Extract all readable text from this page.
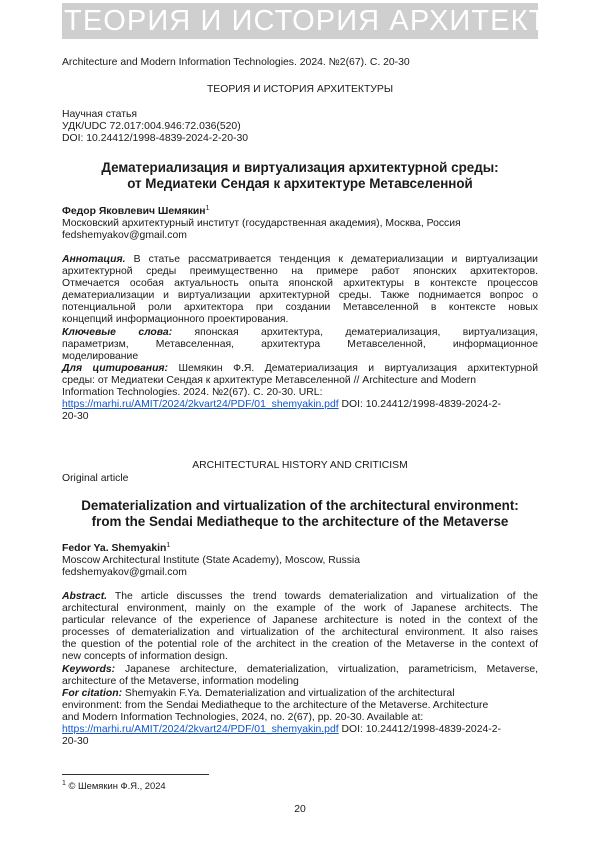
ТЕОРИЯ И ИСТОРИЯ АРХИТЕКТУРЫ
Architecture and Modern Information Technologies. 2024. №2(67). С. 20-30
ТЕОРИЯ И ИСТОРИЯ АРХИТЕКТУРЫ
Научная статья
УДК/UDC 72.017:004.946:72.036(520)
DOI: 10.24412/1998-4839-2024-2-20-30
Дематериализация и виртуализация архитектурной среды:
от Медиатеки Сендая к архитектуре Метавселенной
Федор Яковлевич Шемякин$^1$
Московский архитектурный институт (государственная академия), Москва, Россия
fedshemyakov@gmail.com
Аннотация. В статье рассматривается тенденция к дематериализации и виртуализации
архитектурной среды преимущественно на примере работ японских архитекторов.
Отмечается особая актуальность опыта японской архитектуры в контексте процессов
дематериализации и виртуализации архитектурной среды. Также поднимается вопрос о
потенциальной роли архитектора при создании Метавселенной в контексте новых
концепций информационного проектирования.
Ключевые слова: японская архитектура, дематериализация, виртуализация,
параметризм, Метавселенная, архитектура Метавселенной, информационное
моделирование
Для цитирования: Шемякин Ф.Я. Дематериализация и виртуализация архитектурной
среды: от Медиатеки Сендая к архитектуре Метавселенной // Architecture and Modern
Information Technologies. 2024. №2(67). С. 20-30. URL:
https://marhi.ru/AMIT/2024/2kvart24/PDF/01_shemyakin.pdf DOI: 10.24412/1998-4839-2024-2-
20-30
ARCHITECTURAL HISTORY AND CRITICISM
Original article
Dematerialization and virtualization of the architectural environment:
from the Sendai Mediatheque to the architecture of the Metaverse
Fedor Ya. Shemyakin$^1$
Moscow Architectural Institute (State Academy), Moscow, Russia
fedshemyakov@gmail.com
Abstract. The article discusses the trend towards dematerialization and virtualization of the
architectural environment, mainly on the example of the work of Japanese architects. The
particular relevance of the experience of Japanese architecture is noted in the context of the
processes of dematerialization and virtualization of the architectural environment. It also raises
the question of the potential role of the architect in the creation of the Metaverse in the context of
new concepts of information design.
Keywords: Japanese architecture, dematerialization, virtualization, parametricism, Metaverse,
architecture of the Metaverse, information modeling
For citation: Shemyakin F.Ya. Dematerialization and virtualization of the architectural
environment: from the Sendai Mediatheque to the architecture of the Metaverse. Architecture
and Modern Information Technologies, 2024, no. 2(67), pp. 20-30. Available at:
https://marhi.ru/AMIT/2024/2kvart24/PDF/01_shemyakin.pdf DOI: 10.24412/1998-4839-2024-2-
20-30
$^1$ © Шемякин Ф.Я., 2024
20
